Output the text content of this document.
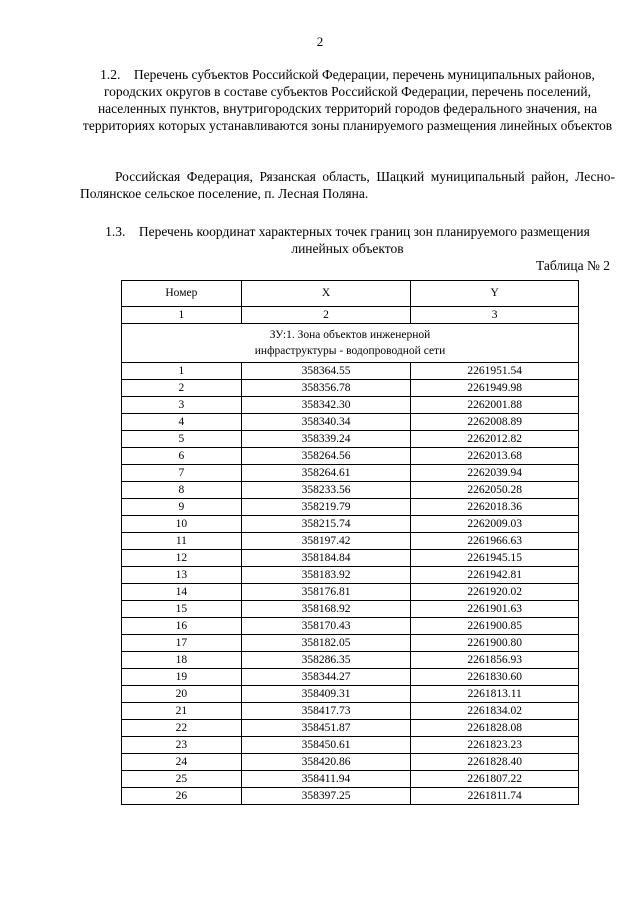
2

1.2. Перечень субъектов Российской Федерации, перечень муниципальных районов, городских округов в составе субъектов Российской Федерации, перечень поселений, населенных пунктов, внутригородских территорий городов федерального значения, на территориях которых устанавливаются зоны планируемого размещения линейных объектов

Российская Федерация, Рязанская область, Шацкий муниципальный район, Лесно-Полянское сельское поселение, п. Лесная Поляна.

1.3. Перечень координат характерных точек границ зон планируемого размещения линейных объектов

Таблица № 2
Номер	X	Y
1	2	3
ЗУ:1. Зона объектов инженерной
инфраструктуры - водопроводной сети		
1	358364.55	2261951.54
2	358356.78	2261949.98
3	358342.30	2262001.88
4	358340.34	2262008.89
5	358339.24	2262012.82
6	358264.56	2262013.68
7	358264.61	2262039.94
8	358233.56	2262050.28
9	358219.79	2262018.36
10	358215.74	2262009.03
11	358197.42	2261966.63
12	358184.84	2261945.15
13	358183.92	2261942.81
14	358176.81	2261920.02
15	358168.92	2261901.63
16	358170.43	2261900.85
17	358182.05	2261900.80
18	358286.35	2261856.93
19	358344.27	2261830.60
20	358409.31	2261813.11
21	358417.73	2261834.02
22	358451.87	2261828.08
23	358450.61	2261823.23
24	358420.86	2261828.40
25	358411.94	2261807.22
26	358397.25	2261811.74
